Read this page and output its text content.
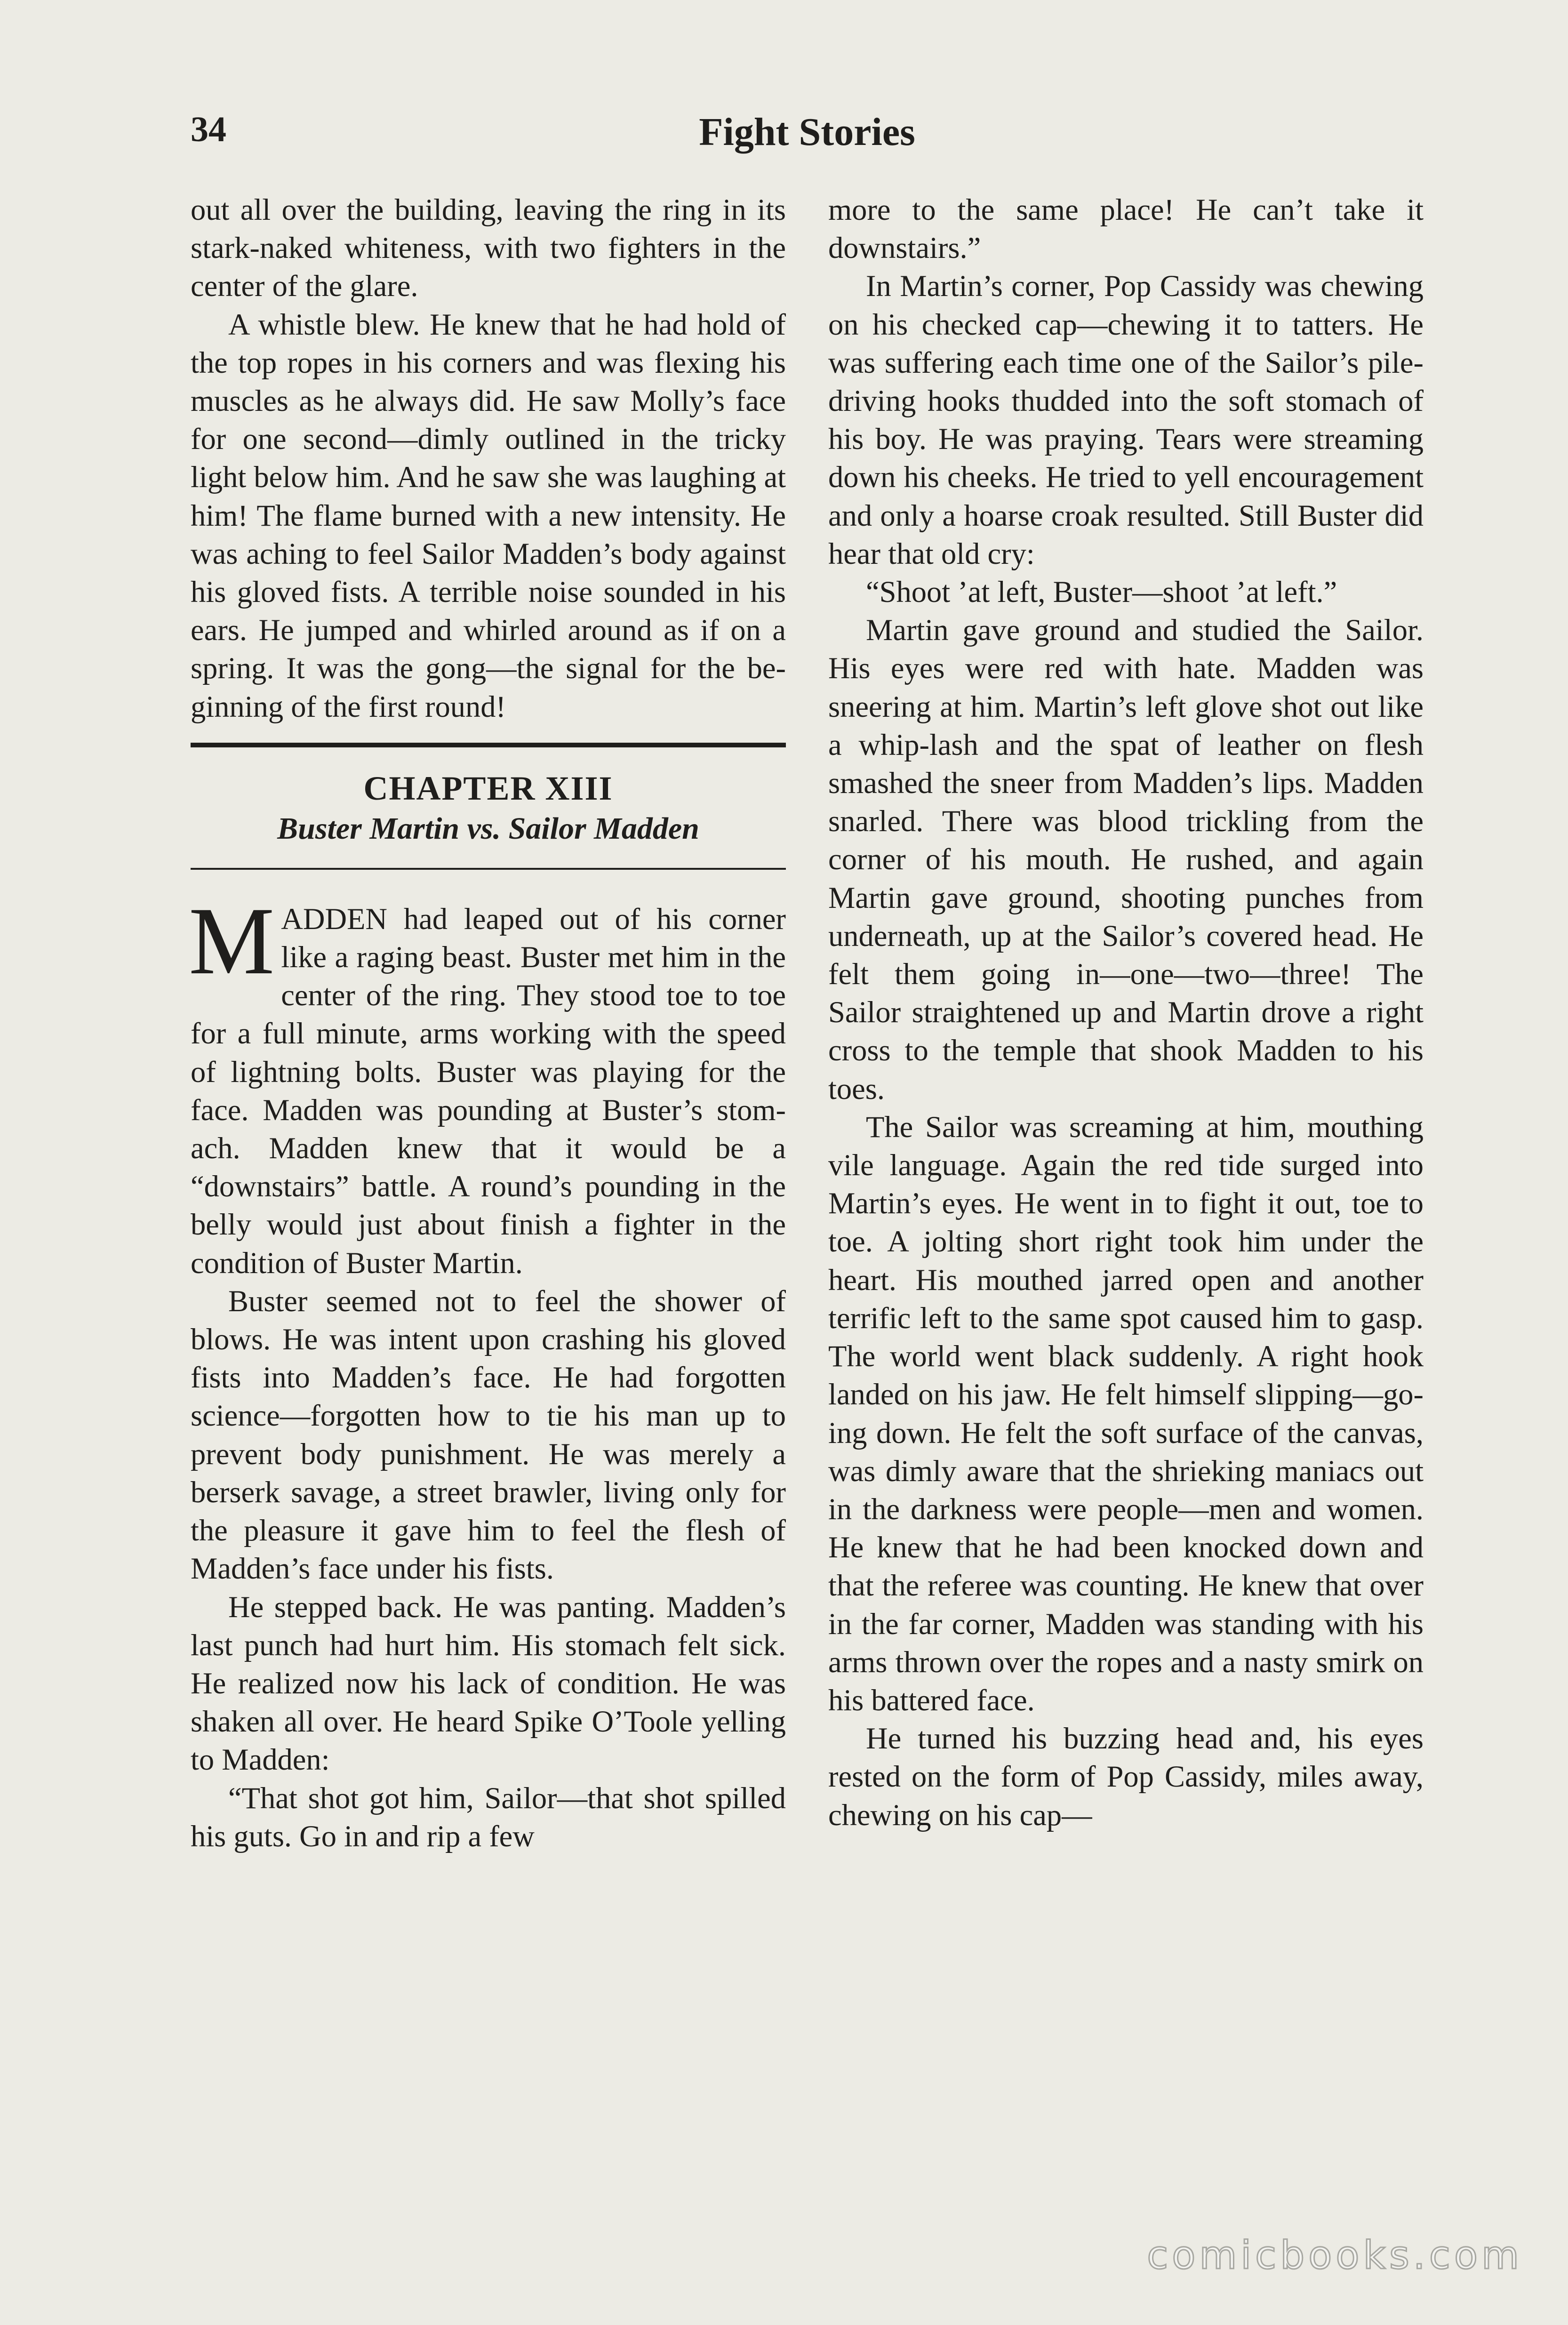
34	Fight Stories

out all over the building, leaving the ring in its stark-naked whiteness, with two fighters in the center of the glare.

A whistle blew. He knew that he had hold of the top ropes in his corners and was flexing his muscles as he always did. He saw Molly’s face for one second—dimly outlined in the tricky light below him. And he saw she was laughing at him! The flame burned with a new intensity. He was aching to feel Sailor Madden’s body against his gloved fists. A terrible noise sounded in his ears. He jumped and whirled around as if on a spring. It was the gong—the signal for the beginning of the first round!

CHAPTER XIII
Buster Martin vs. Sailor Madden

MADDEN had leaped out of his corner like a raging beast. Buster met him in the center of the ring. They stood toe to toe for a full minute, arms working with the speed of lightning bolts. Buster was playing for the face. Madden was pounding at Buster’s stomach. Madden knew that it would be a “downstairs” battle. A round’s pounding in the belly would just about finish a fighter in the condition of Buster Martin.

Buster seemed not to feel the shower of blows. He was intent upon crashing his gloved fists into Madden’s face. He had forgotten science—forgotten how to tie his man up to prevent body punishment. He was merely a berserk savage, a street brawler, living only for the pleasure it gave him to feel the flesh of Madden’s face under his fists.

He stepped back. He was panting. Madden’s last punch had hurt him. His stomach felt sick. He realized now his lack of condition. He was shaken all over. He heard Spike O’Toole yelling to Madden:

“That shot got him, Sailor—that shot spilled his guts. Go in and rip a few

more to the same place! He can’t take it downstairs.”

In Martin’s corner, Pop Cassidy was chewing on his checked cap—chewing it to tatters. He was suffering each time one of the Sailor’s pile-driving hooks thudded into the soft stomach of his boy. He was praying. Tears were streaming down his cheeks. He tried to yell encouragement and only a hoarse croak resulted. Still Buster did hear that old cry:

“Shoot ’at left, Buster—shoot ’at left.”

Martin gave ground and studied the Sailor. His eyes were red with hate. Madden was sneering at him. Martin’s left glove shot out like a whip-lash and the spat of leather on flesh smashed the sneer from Madden’s lips. Madden snarled. There was blood trickling from the corner of his mouth. He rushed, and again Martin gave ground, shooting punches from underneath, up at the Sailor’s covered head. He felt them going in—one—two—three! The Sailor straightened up and Martin drove a right cross to the temple that shook Madden to his toes.

The Sailor was screaming at him, mouthing vile language. Again the red tide surged into Martin’s eyes. He went in to fight it out, toe to toe. A jolting short right took him under the heart. His mouthed jarred open and another terrific left to the same spot caused him to gasp. The world went black suddenly. A right hook landed on his jaw. He felt himself slipping—going down. He felt the soft surface of the canvas, was dimly aware that the shrieking maniacs out in the darkness were people—men and women. He knew that he had been knocked down and that the referee was counting. He knew that over in the far corner, Madden was standing with his arms thrown over the ropes and a nasty smirk on his battered face.

He turned his buzzing head and, his eyes rested on the form of Pop Cassidy, miles away, chewing on his cap—

comicbooks.com
